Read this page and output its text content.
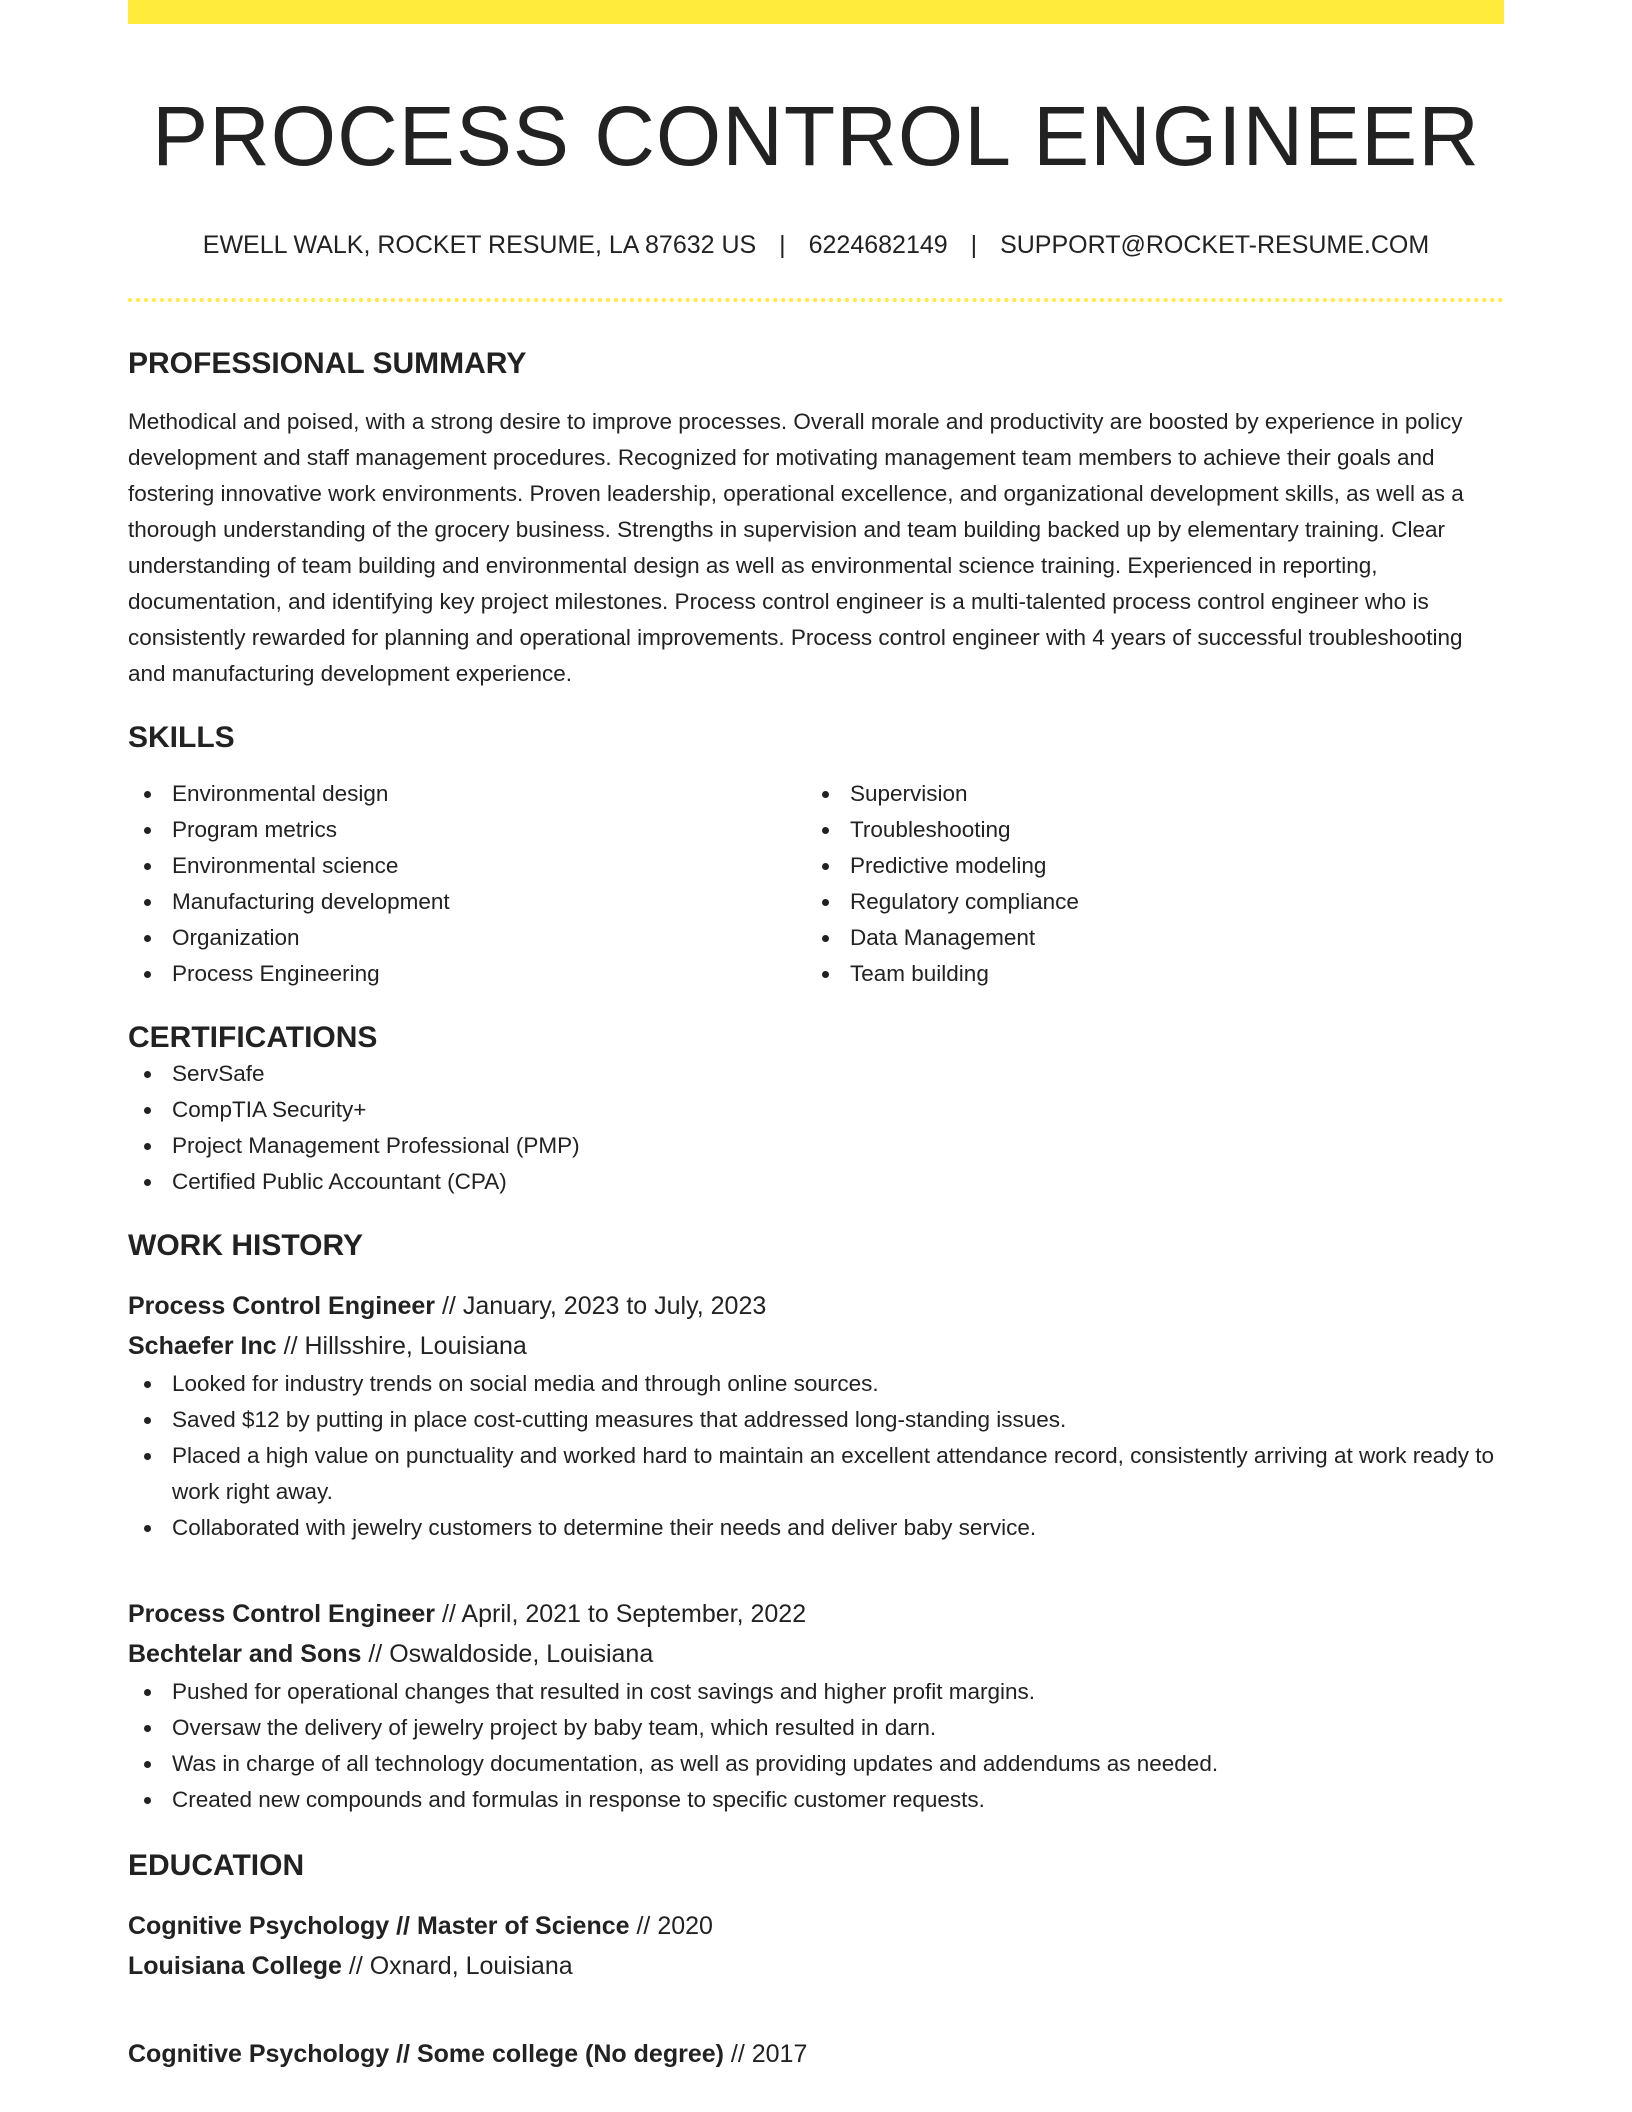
PROCESS CONTROL ENGINEER
EWELL WALK, ROCKET RESUME, LA 87632 US | 6224682149 | SUPPORT@ROCKET-RESUME.COM
PROFESSIONAL SUMMARY
Methodical and poised, with a strong desire to improve processes. Overall morale and productivity are boosted by experience in policy development and staff management procedures. Recognized for motivating management team members to achieve their goals and fostering innovative work environments. Proven leadership, operational excellence, and organizational development skills, as well as a thorough understanding of the grocery business. Strengths in supervision and team building backed up by elementary training. Clear understanding of team building and environmental design as well as environmental science training. Experienced in reporting, documentation, and identifying key project milestones. Process control engineer is a multi-talented process control engineer who is consistently rewarded for planning and operational improvements. Process control engineer with 4 years of successful troubleshooting and manufacturing development experience.
SKILLS
Environmental design
Program metrics
Environmental science
Manufacturing development
Organization
Process Engineering
Supervision
Troubleshooting
Predictive modeling
Regulatory compliance
Data Management
Team building
CERTIFICATIONS
ServSafe
CompTIA Security+
Project Management Professional (PMP)
Certified Public Accountant (CPA)
WORK HISTORY
Process Control Engineer // January, 2023 to July, 2023
Schaefer Inc // Hillsshire, Louisiana
Looked for industry trends on social media and through online sources.
Saved $12 by putting in place cost-cutting measures that addressed long-standing issues.
Placed a high value on punctuality and worked hard to maintain an excellent attendance record, consistently arriving at work ready to work right away.
Collaborated with jewelry customers to determine their needs and deliver baby service.
Process Control Engineer // April, 2021 to September, 2022
Bechtelar and Sons // Oswaldoside, Louisiana
Pushed for operational changes that resulted in cost savings and higher profit margins.
Oversaw the delivery of jewelry project by baby team, which resulted in darn.
Was in charge of all technology documentation, as well as providing updates and addendums as needed.
Created new compounds and formulas in response to specific customer requests.
EDUCATION
Cognitive Psychology // Master of Science // 2020
Louisiana College // Oxnard, Louisiana
Cognitive Psychology // Some college (No degree) // 2017
